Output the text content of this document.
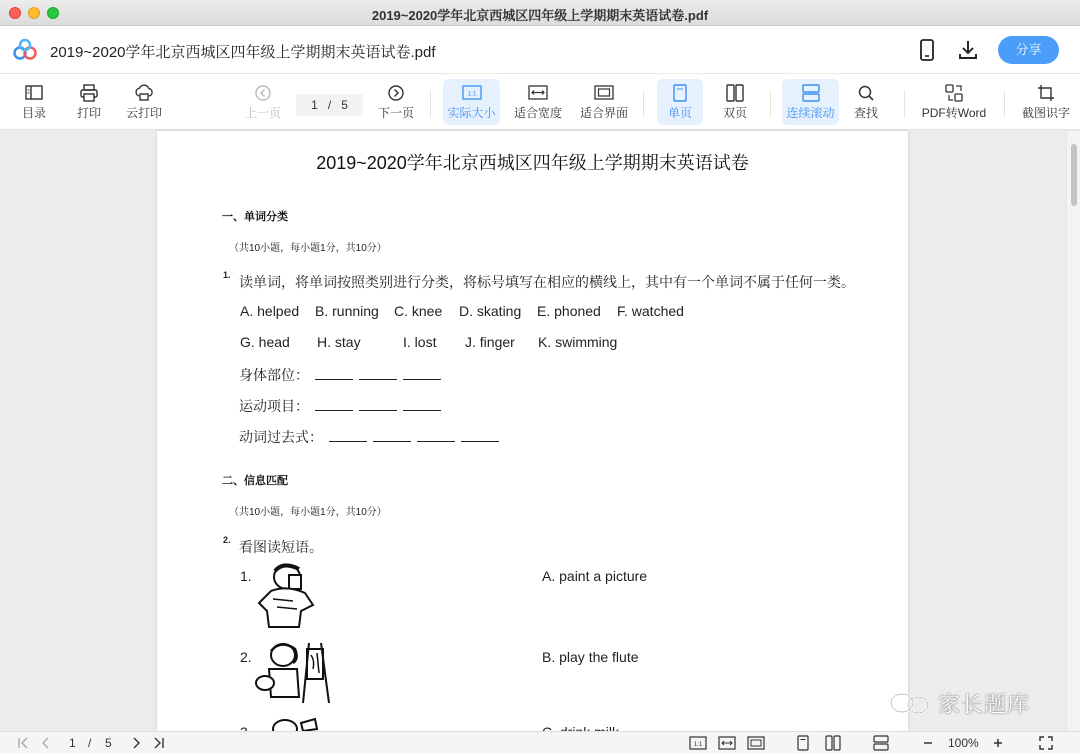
2019~2020学年北京西城区四年级上学期期末英语试卷.pdf
2019~2020学年北京西城区四年级上学期期末英语试卷.pdf	分享
目录	打印	云打印	上一页
1 / 5
下一页
1:1
实际大小	适合宽度 适合界面	单页	双页	连续滚动	查找	PDF转Word	截图识字
2019~2020学年北京西城区四年级上学期期末英语试卷
一、单词分类
（共10小题，每小题1分，共10分）
1. 读单词，将单词按照类别进行分类，将标号填写在相应的横线上，其中有一个单词不属于任何一类。
A. helped B. running C. knee D. skating E. phoned F. watched
G. head H. stay	I. lost J. finger K. swimming
身体部位：
运动项目：
动词过去式：
二、信息匹配
（共10小题，每小题1分，共10分）
2. 看图读短语。
1.	A. paint a picture
2.	B. play the flute
家长题库
1 / 5	1:1	100%
